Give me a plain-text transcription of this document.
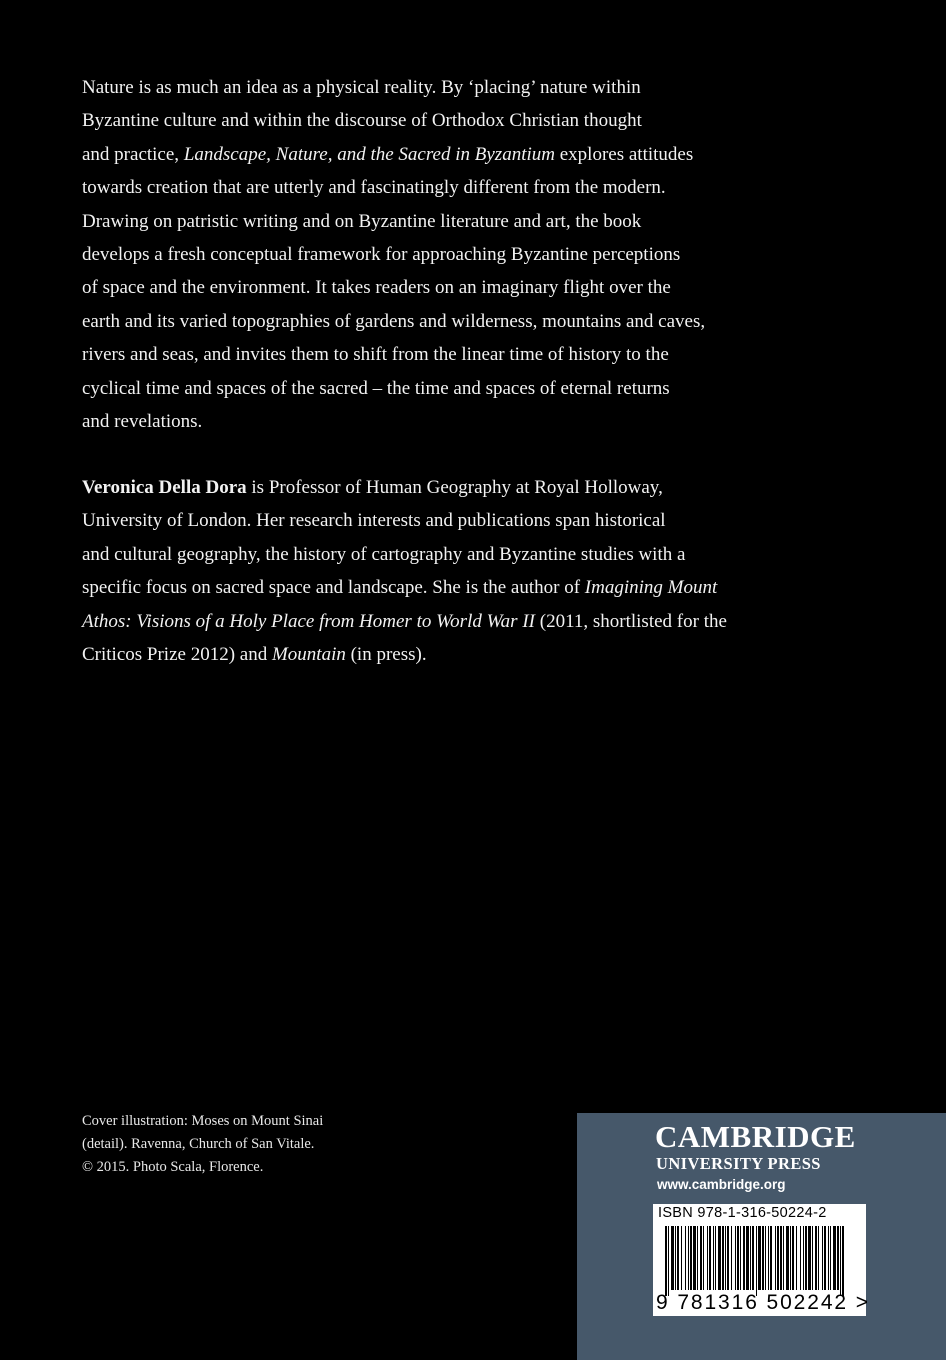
Nature is as much an idea as a physical reality. By ‘placing’ nature within
Byzantine culture and within the discourse of Orthodox Christian thought
and practice, Landscape, Nature, and the Sacred in Byzantium explores attitudes
towards creation that are utterly and fascinatingly different from the modern.
Drawing on patristic writing and on Byzantine literature and art, the book
develops a fresh conceptual framework for approaching Byzantine perceptions
of space and the environment. It takes readers on an imaginary flight over the
earth and its varied topographies of gardens and wilderness, mountains and caves,
rivers and seas, and invites them to shift from the linear time of history to the
cyclical time and spaces of the sacred – the time and spaces of eternal returns
and revelations.
Veronica Della Dora is Professor of Human Geography at Royal Holloway,
University of London. Her research interests and publications span historical
and cultural geography, the history of cartography and Byzantine studies with a
specific focus on sacred space and landscape. She is the author of Imagining Mount
Athos: Visions of a Holy Place from Homer to World War II (2011, shortlisted for the
Criticos Prize 2012) and Mountain (in press).
Cover illustration: Moses on Mount Sinai
(detail). Ravenna, Church of San Vitale.
© 2015. Photo Scala, Florence.
CAMBRIDGE
UNIVERSITY PRESS
www.cambridge.org
ISBN 978-1-316-50224-2
9 781316 502242 >
